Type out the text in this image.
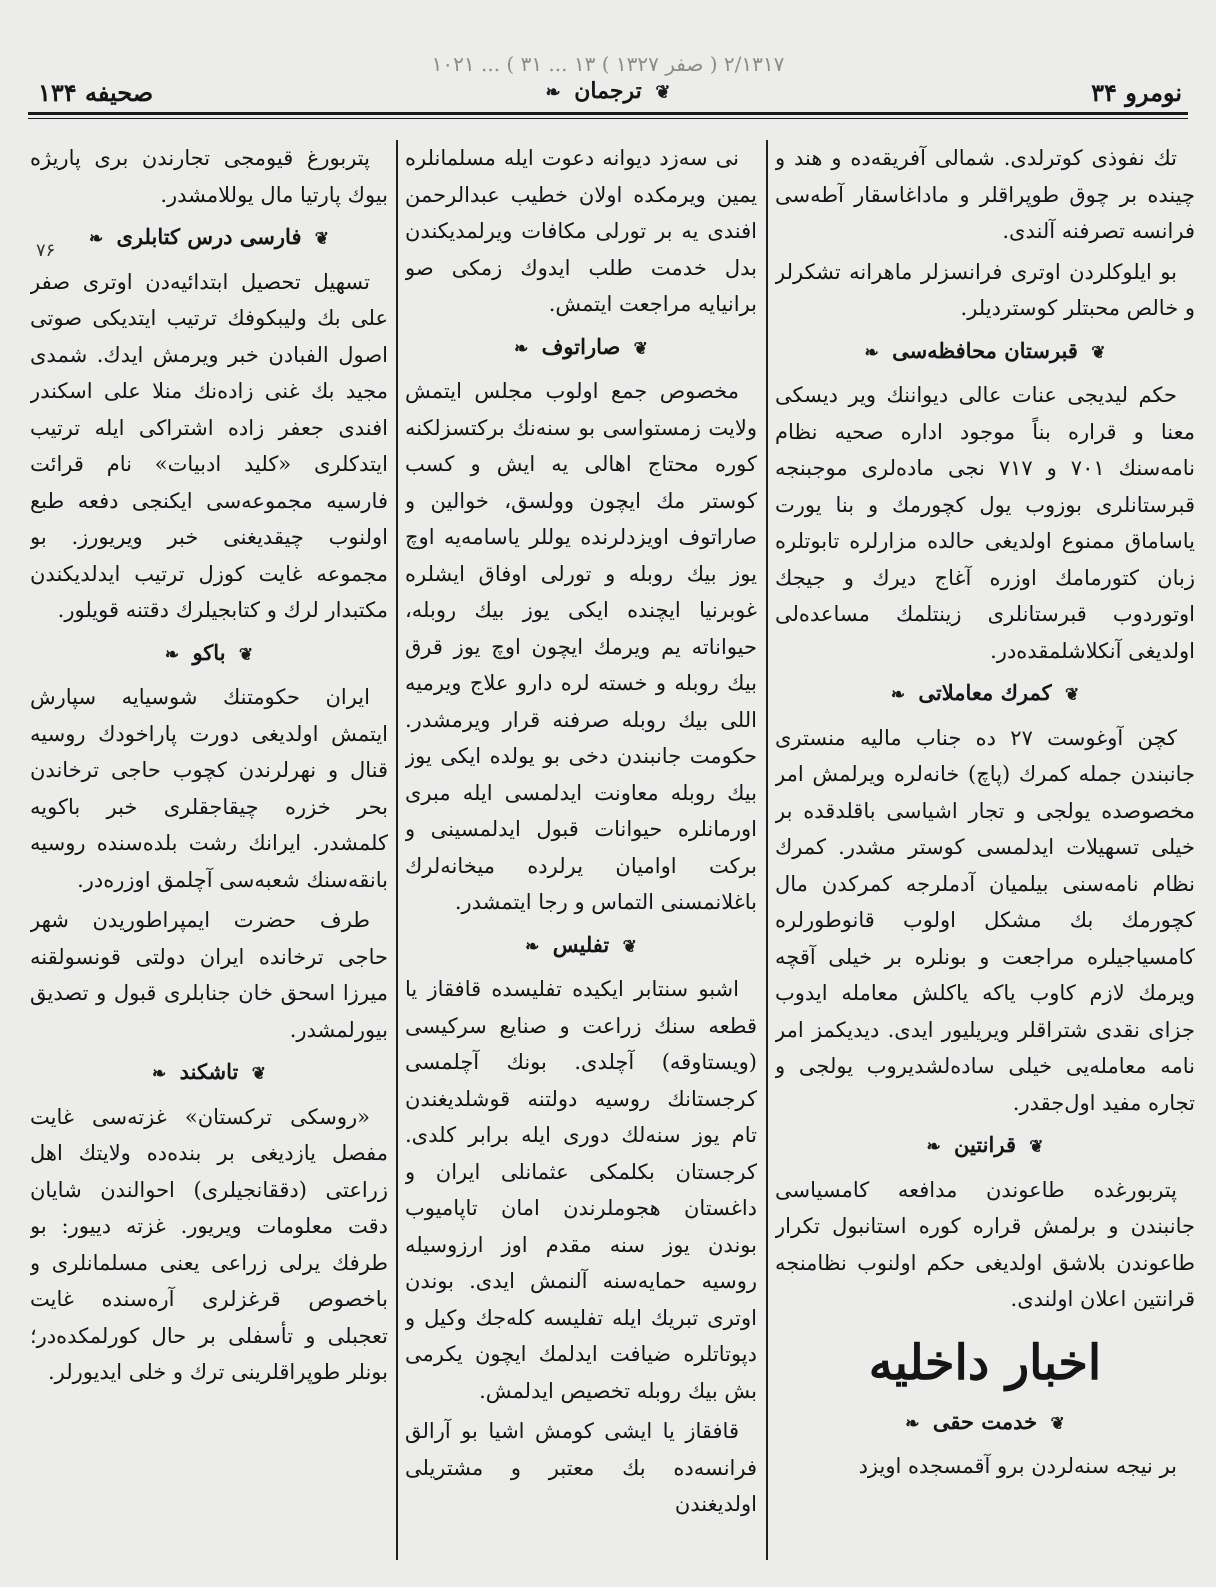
۲/۱۳۱۷ ( صفر ۱۳۲۷ ) ۱۳ ... ۳۱ ) ... ۱۰۲۱
نومرو ۳۴
❦ ترجمان ❧
صحیفه ۱۳۴

تك نفوذی كوترلدی. شمالی آفریقه‌ده و هند و چینده بر چوق طوپراقلر و مادا‌غاسقار آطه‌سی فرانسه تصرفنه آلندی.

بو ایلوكلردن اوتری فرانسزلر ماهرانه تشكرلر و خالص محبتلر كوستردیلر.

❦ قبرستان محافظه‌سی ❧

حكم لیدیجی عنات عالی دیواننك ویر دیسكی معنا و قراره بناً موجود اداره صحیه نظام نامه‌سنك ۷۰۱ و ۷۱۷ نجی ماده‌لری موجبنجه قبرستانلری بوزوب یول كچورمك و بنا یورت یاساماق ممنوع اولدیغی حالده مزارلره تابوتلره زبان كتورمامك اوزره آغاج دیرك و جیجك اوتوردوب قبرستانلری زینتلمك مساعده‌لی اولدیغی آنكلاشلمقده‌در.

❦ كمرك معاملاتی ❧

كچن آوغوست ۲۷ ده جناب مالیه منستری جانبندن جمله كمرك (پاچ) خانه‌لره ویرلمش امر مخصوصده یولجی و تجار اشیاسی باقلدقده بر خیلی تسهیلات ایدلمسی كوستر مشدر. كمرك نظام نامه‌سنی بیلمیان آدملرجه كمركدن مال كچورمك بك مشكل اولوب قانوطورلره كامسیاجیلره مراجعت و بونلره بر خیلی آقچه ویرمك لازم كاوب یاكه یاكلش معامله ایدوب جزای نقدی شتراقلر ویریلیور ایدی. دیدیكمز امر نامه معامله‌یی خیلی ساده‌لشدیروب یولجی و تجاره مفید اول‌جقدر.

❦ قرانتین ❧

پتربورغده طاعوندن مدافعه كامسیاسی جانبندن و برلمش قراره كوره استانبول تكرار طاعوندن بلاشق اولدیغی حكم اولنوب نظامنجه قرانتین اعلان اولندی.

اخبار داخلیه
❦ خدمت حقی ❧

بر نیجه سنه‌لردن برو آقمسجده اویزد

نی سه‌زد دیوانه دعوت ایله مسلمانلره یمین ویرمكده اولان خطیب عبدالرحمن افندی یه بر تورلی مكافات ویرلمدیكندن بدل خدمت طلب ایدوك زمكی صو برانیایه مراجعت ایتمش.

❦ صاراتوف ❧

مخصوص جمع اولوب مجلس ایتمش ولایت زمستواسی بو سنه‌نك بركتسزلكنه كوره محتاج اهالی یه ایش و كسب كوستر مك ایچون وولسق، خوالین و صاراتوف اویزدلرنده یوللر یاسامه‌یه اوچ یوز بیك روبله و تورلی اوفاق ایشلره غوبرنیا ایچنده ایكی یوز بیك روبله، حیواناته یم ویرمك ایچون اوچ یوز قرق بیك روبله و خسته لره دارو علاج ویرمیه اللی بیك روبله صرفنه قرار ویرمشدر. حكومت جانبندن دخی بو یولده ایكی یوز بیك روبله معاونت ایدلمسی ایله مبری اورمانلره حیوانات قبول ایدلمسینی و بركت اوامیان یرلرده میخانه‌لرك باغلانمسنی التماس و رجا ایتمشدر.

❦ تفلیس ❧

اشبو سنتابر ایكیده تفلیسده قافقاز یا قطعه سنك زراعت و صنایع سركیسی (ویستاوقه) آچلدی. بونك آچلمسی كرجستانك روسیه دولتنه قوشلدیغندن تام یوز سنه‌لك دوری ایله برابر كلدی. كرجستان بكلمكی عثمانلی ایران و داغستان هجوملرندن امان تاپامیوب بوندن یوز سنه مقدم اوز ارزوسیله روسیه حمایه‌سنه آلنمش ایدی. بوندن اوتری تبریك ایله تفلیسه كله‌جك وكیل و دپوتاتلره ضیافت ایدلمك ایچون یكرمی بش بیك روبله تخصیص ایدلمش.

قافقاز یا ایشی كومش اشیا بو آرالق فرانسه‌ده بك معتبر و مشتریلی اولدیغندن

پتربورغ قیومجی تجارندن بری پاریژه بیوك پارتیا مال یوللامشدر.

❦ فارسی درس كتابلری ❧

تسهیل تحصیل ابتدائیه‌دن اوتری صفر علی بك ولیبكوفك ترتیب ایتدیكی صوتی اصول الفبادن خبر ویرمش ایدك. شمدی مجید بك غنی زاده‌نك منلا علی اسكندر افندی جعفر زاده اشتراكی ایله ترتیب ایتدكلری «كلید ادبیات» نام قرائت فارسیه مجموعه‌سی ایكنجی دفعه طبع اولنوب چیقدیغنی خبر ویریورز. بو مجموعه غایت كوزل ترتیب ایدلدیكندن مكتبدار لرك و كتابجیلرك دقتنه قویلور.

❦ باكو ❧

ایران حكومتنك شوسیایه سپارش ایتمش اولدیغی دورت پاراخودك روسیه قنال و نهرلرندن كچوب حاجی ترخاندن بحر خزره چیقاجقلری خبر باكویه كلمشدر. ایرانك رشت بلده‌سنده روسیه بانقه‌سنك شعبه‌سی آچلمق اوزره‌در.

طرف حضرت ایمپراطوریدن شهر حاجی ترخانده ایران دولتی قونسولقنه میرزا اسحق خان جنابلری قبول و تصدیق بیورلمشدر.

❦ تاشكند ❧

«روسكی تركستان» غزته‌سی غایت مفصل یازدیغی بر بنده‌ده ولایتك اهل زراعتی (دققانجیلری) احوالندن شایان دقت معلومات ویریور. غزته دییور: بو طرفك یرلی زراعی یعنی مسلمانلری و باخصوص قرغزلری آره‌سنده غایت تعجبلی و تأسفلی بر حال كورلمكده‌در؛ بونلر طوپراقلرینی ترك و خلی ایدیورلر.

۷۶
